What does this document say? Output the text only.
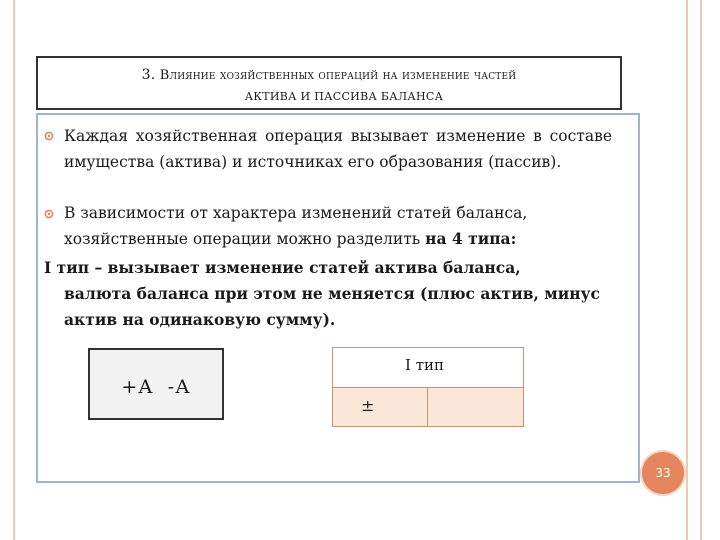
3. Влияние хозяйственных операций на изменение частей
АКТИВА И ПАССИВА БАЛАНСА
Каждая хозяйственная операция вызывает изменение в составе имущества (актива) и источниках его образования (пассив).
В зависимости от характера изменений статей баланса, хозяйственные операции можно разделить на 4 типа:
I тип – вызывает изменение статей актива баланса,
валюта баланса при этом не меняется (плюс актив, минус актив на одинаковую сумму).
+А  -А
I тип
±
33
